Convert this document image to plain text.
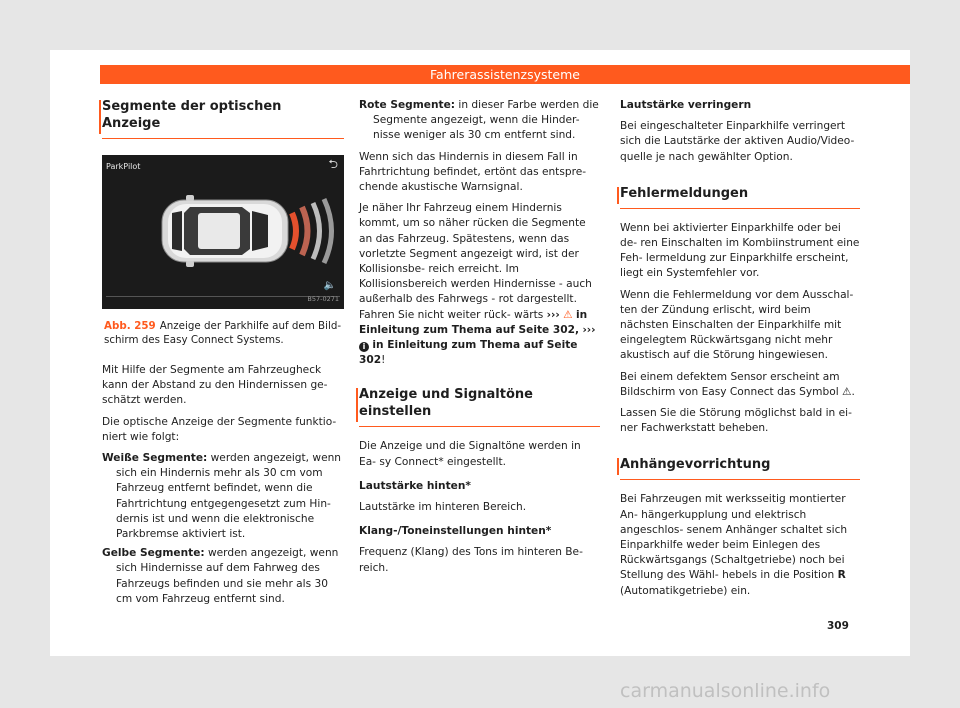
Fahrerassistenzsysteme
Segmente der optischen Anzeige
ParkPilot	⮌
🔈
B57-0271
Abb. 259 Anzeige der Parkhilfe auf dem Bild- schirm des Easy Connect Systems.

Mit Hilfe der Segmente am Fahrzeugheck kann der Abstand zu den Hindernissen ge- schätzt werden.

Die optische Anzeige der Segmente funktio- niert wie folgt:

Weiße Segmente: werden angezeigt, wenn sich ein Hindernis mehr als 30 cm vom Fahrzeug entfernt befindet, wenn die Fahrtrichtung entgegengesetzt zum Hin- dernis ist und wenn die elektronische Parkbremse aktiviert ist.
Gelbe Segmente: werden angezeigt, wenn sich Hindernisse auf dem Fahrweg des Fahrzeugs befinden und sie mehr als 30 cm vom Fahrzeug entfernt sind.
Rote Segmente: in dieser Farbe werden die Segmente angezeigt, wenn die Hinder- nisse weniger als 30 cm entfernt sind.

Wenn sich das Hindernis in diesem Fall in Fahrtrichtung befindet, ertönt das entspre- chende akustische Warnsignal.

Je näher Ihr Fahrzeug einem Hindernis kommt, um so näher rücken die Segmente an das Fahrzeug. Spätestens, wenn das vorletzte Segment angezeigt wird, ist der Kollisionsbe- reich erreicht. Im Kollisionsbereich werden Hindernisse - auch außerhalb des Fahrwegs - rot dargestellt. Fahren Sie nicht weiter rück- wärts ››› ⚠ in Einleitung zum Thema auf Seite 302, ››› i in Einleitung zum Thema auf Seite 302!

Anzeige und Signaltöne einstellen

Die Anzeige und die Signaltöne werden in Ea- sy Connect* eingestellt.

Lautstärke hinten*

Lautstärke im hinteren Bereich.

Klang-/Toneinstellungen hinten*

Frequenz (Klang) des Tons im hinteren Be- reich.

Lautstärke verringern

Bei eingeschalteter Einparkhilfe verringert sich die Lautstärke der aktiven Audio/Video- quelle je nach gewählter Option.

Fehlermeldungen

Wenn bei aktivierter Einparkhilfe oder bei de- ren Einschalten im Kombiinstrument eine Feh- lermeldung zur Einparkhilfe erscheint, liegt ein Systemfehler vor.

Wenn die Fehlermeldung vor dem Ausschal- ten der Zündung erlischt, wird beim nächsten Einschalten der Einparkhilfe mit eingelegtem Rückwärtsgang nicht mehr akustisch auf die Störung hingewiesen.

Bei einem defektem Sensor erscheint am Bildschirm von Easy Connect das Symbol ⚠.

Lassen Sie die Störung möglichst bald in ei- ner Fachwerkstatt beheben.

Anhängevorrichtung

Bei Fahrzeugen mit werksseitig montierter An- hängerkupplung und elektrisch angeschlos- senem Anhänger schaltet sich Einparkhilfe weder beim Einlegen des Rückwärtsgangs (Schaltgetriebe) noch bei Stellung des Wähl- hebels in die Position R (Automatikgetriebe) ein.

309
carmanualsonline.info
